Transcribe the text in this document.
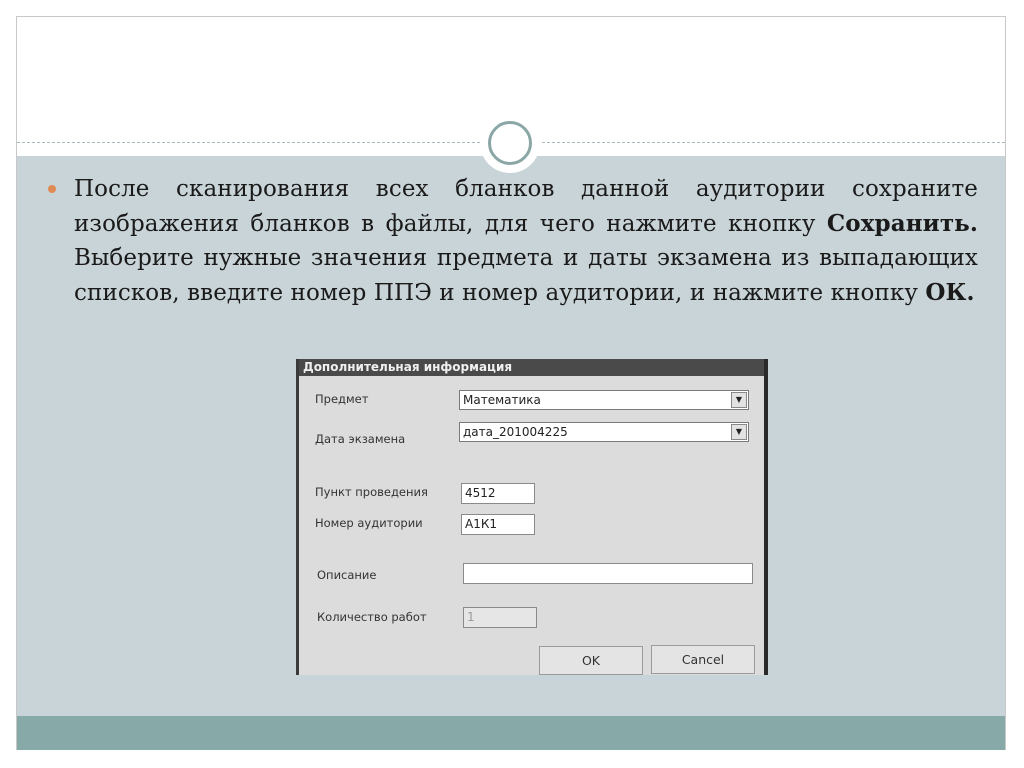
После сканирования всех бланков данной аудитории сохраните изображения бланков в файлы, для чего нажмите кнопку Сохранить. Выберите нужные значения предмета и даты экзамена из выпадающих списков, введите номер ППЭ и номер аудитории, и нажмите кнопку ОК.
Дополнительная информация
Предмет	Математика	▼
Дата экзамена	дата_201004225	▼
Пункт проведения	4512
Номер аудитории	А1К1
Описание
Количество работ	1
OK	Cancel
